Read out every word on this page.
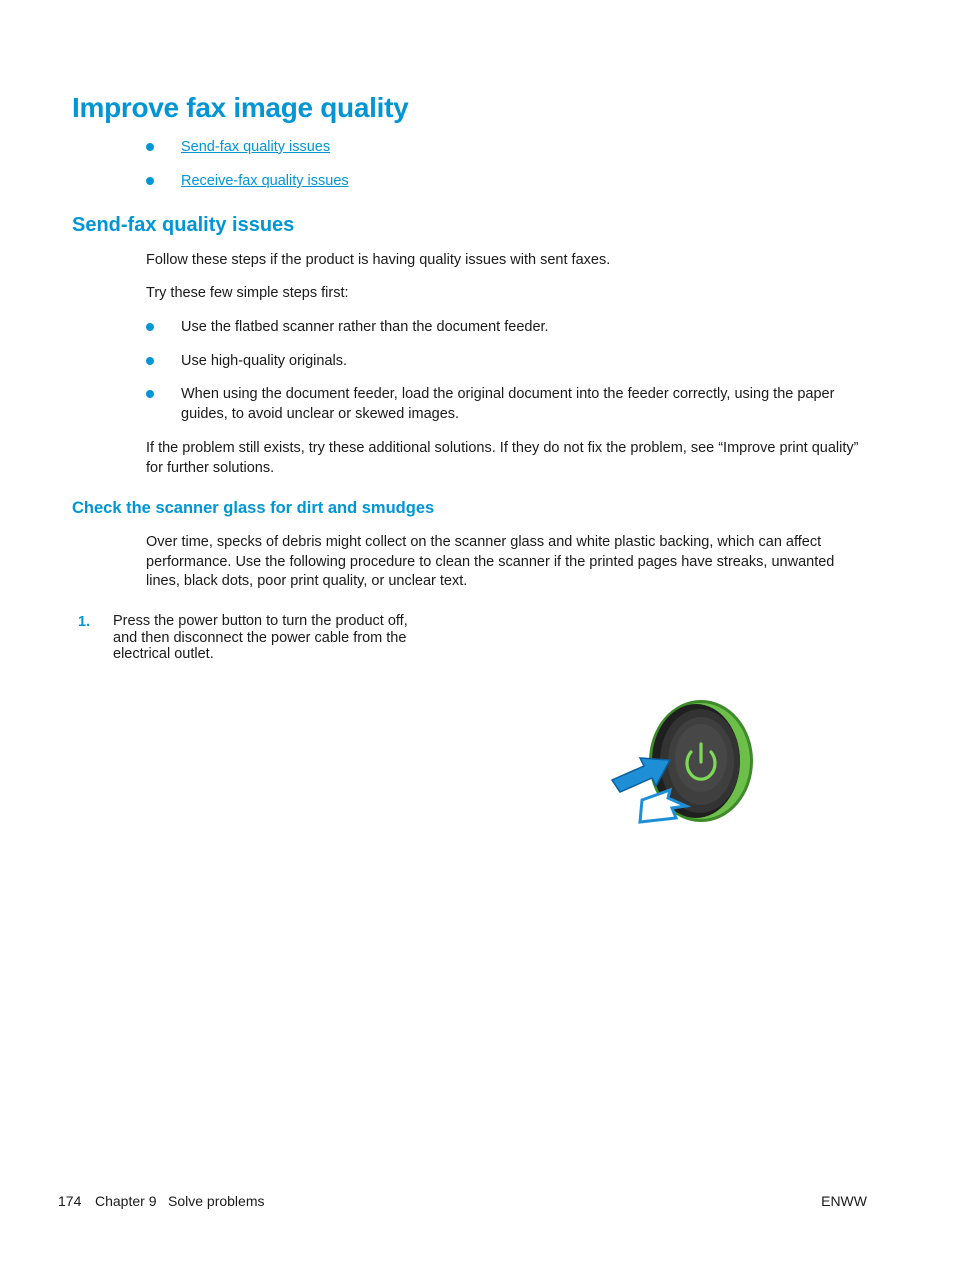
Improve fax image quality
Send-fax quality issues
Receive-fax quality issues
Send-fax quality issues
Follow these steps if the product is having quality issues with sent faxes.
Try these few simple steps first:
Use the flatbed scanner rather than the document feeder.
Use high-quality originals.
When using the document feeder, load the original document into the feeder correctly, using the paper guides, to avoid unclear or skewed images.
If the problem still exists, try these additional solutions. If they do not fix the problem, see “Improve print quality” for further solutions.
Check the scanner glass for dirt and smudges
Over time, specks of debris might collect on the scanner glass and white plastic backing, which can affect performance. Use the following procedure to clean the scanner if the printed pages have streaks, unwanted lines, black dots, poor print quality, or unclear text.
1. Press the power button to turn the product off, and then disconnect the power cable from the electrical outlet.
174 Chapter 9 Solve problems	ENWW
